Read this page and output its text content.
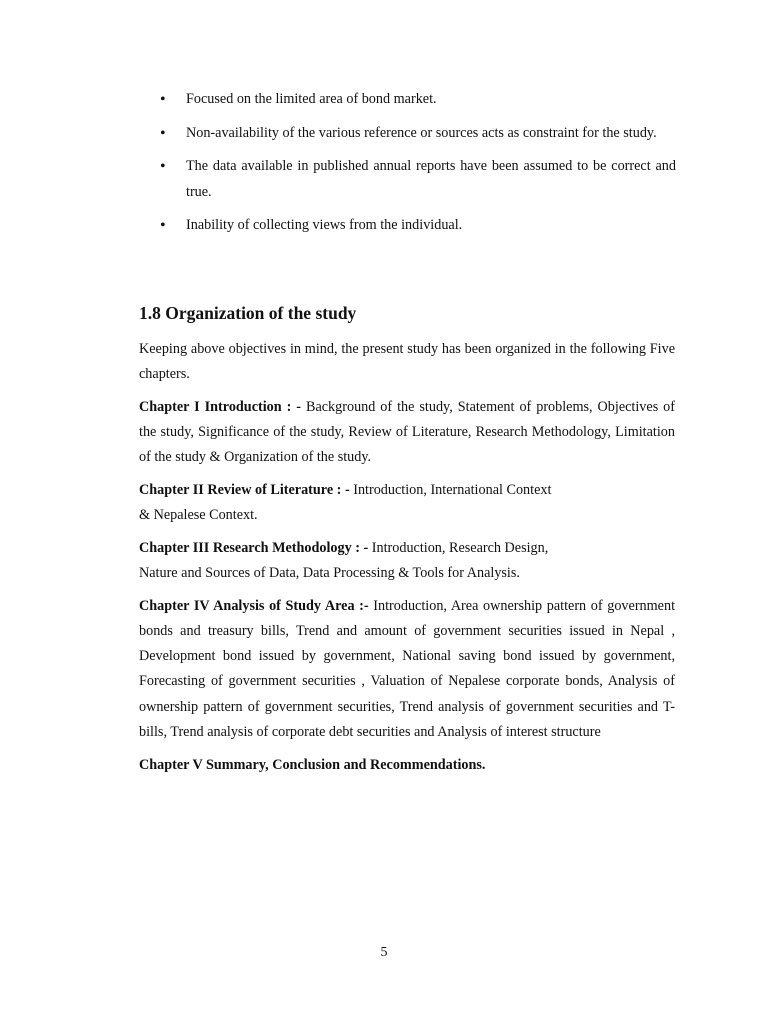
• Focused on the limited area of bond market.
• Non-availability of the various reference or sources acts as constraint for the study.
• The data available in published annual reports have been assumed to be correct and true.
• Inability of collecting views from the individual.
1.8 Organization of the study

Keeping above objectives in mind, the present study has been organized in the following Five chapters.

Chapter I Introduction : - Background of the study, Statement of problems, Objectives of the study, Significance of the study, Review of Literature, Research Methodology, Limitation of the study & Organization of the study.

Chapter II Review of Literature : - Introduction, International Context
& Nepalese Context.

Chapter III Research Methodology : - Introduction, Research Design,
Nature and Sources of Data, Data Processing & Tools for Analysis.

Chapter IV Analysis of Study Area :- Introduction, Area ownership pattern of government bonds and treasury bills, Trend and amount of government securities issued in Nepal , Development bond issued by government, National saving bond issued by government, Forecasting of government securities , Valuation of Nepalese corporate bonds, Analysis of ownership pattern of government securities, Trend analysis of government securities and T- bills, Trend analysis of corporate debt securities and Analysis of interest structure

Chapter V Summary, Conclusion and Recommendations.

5
